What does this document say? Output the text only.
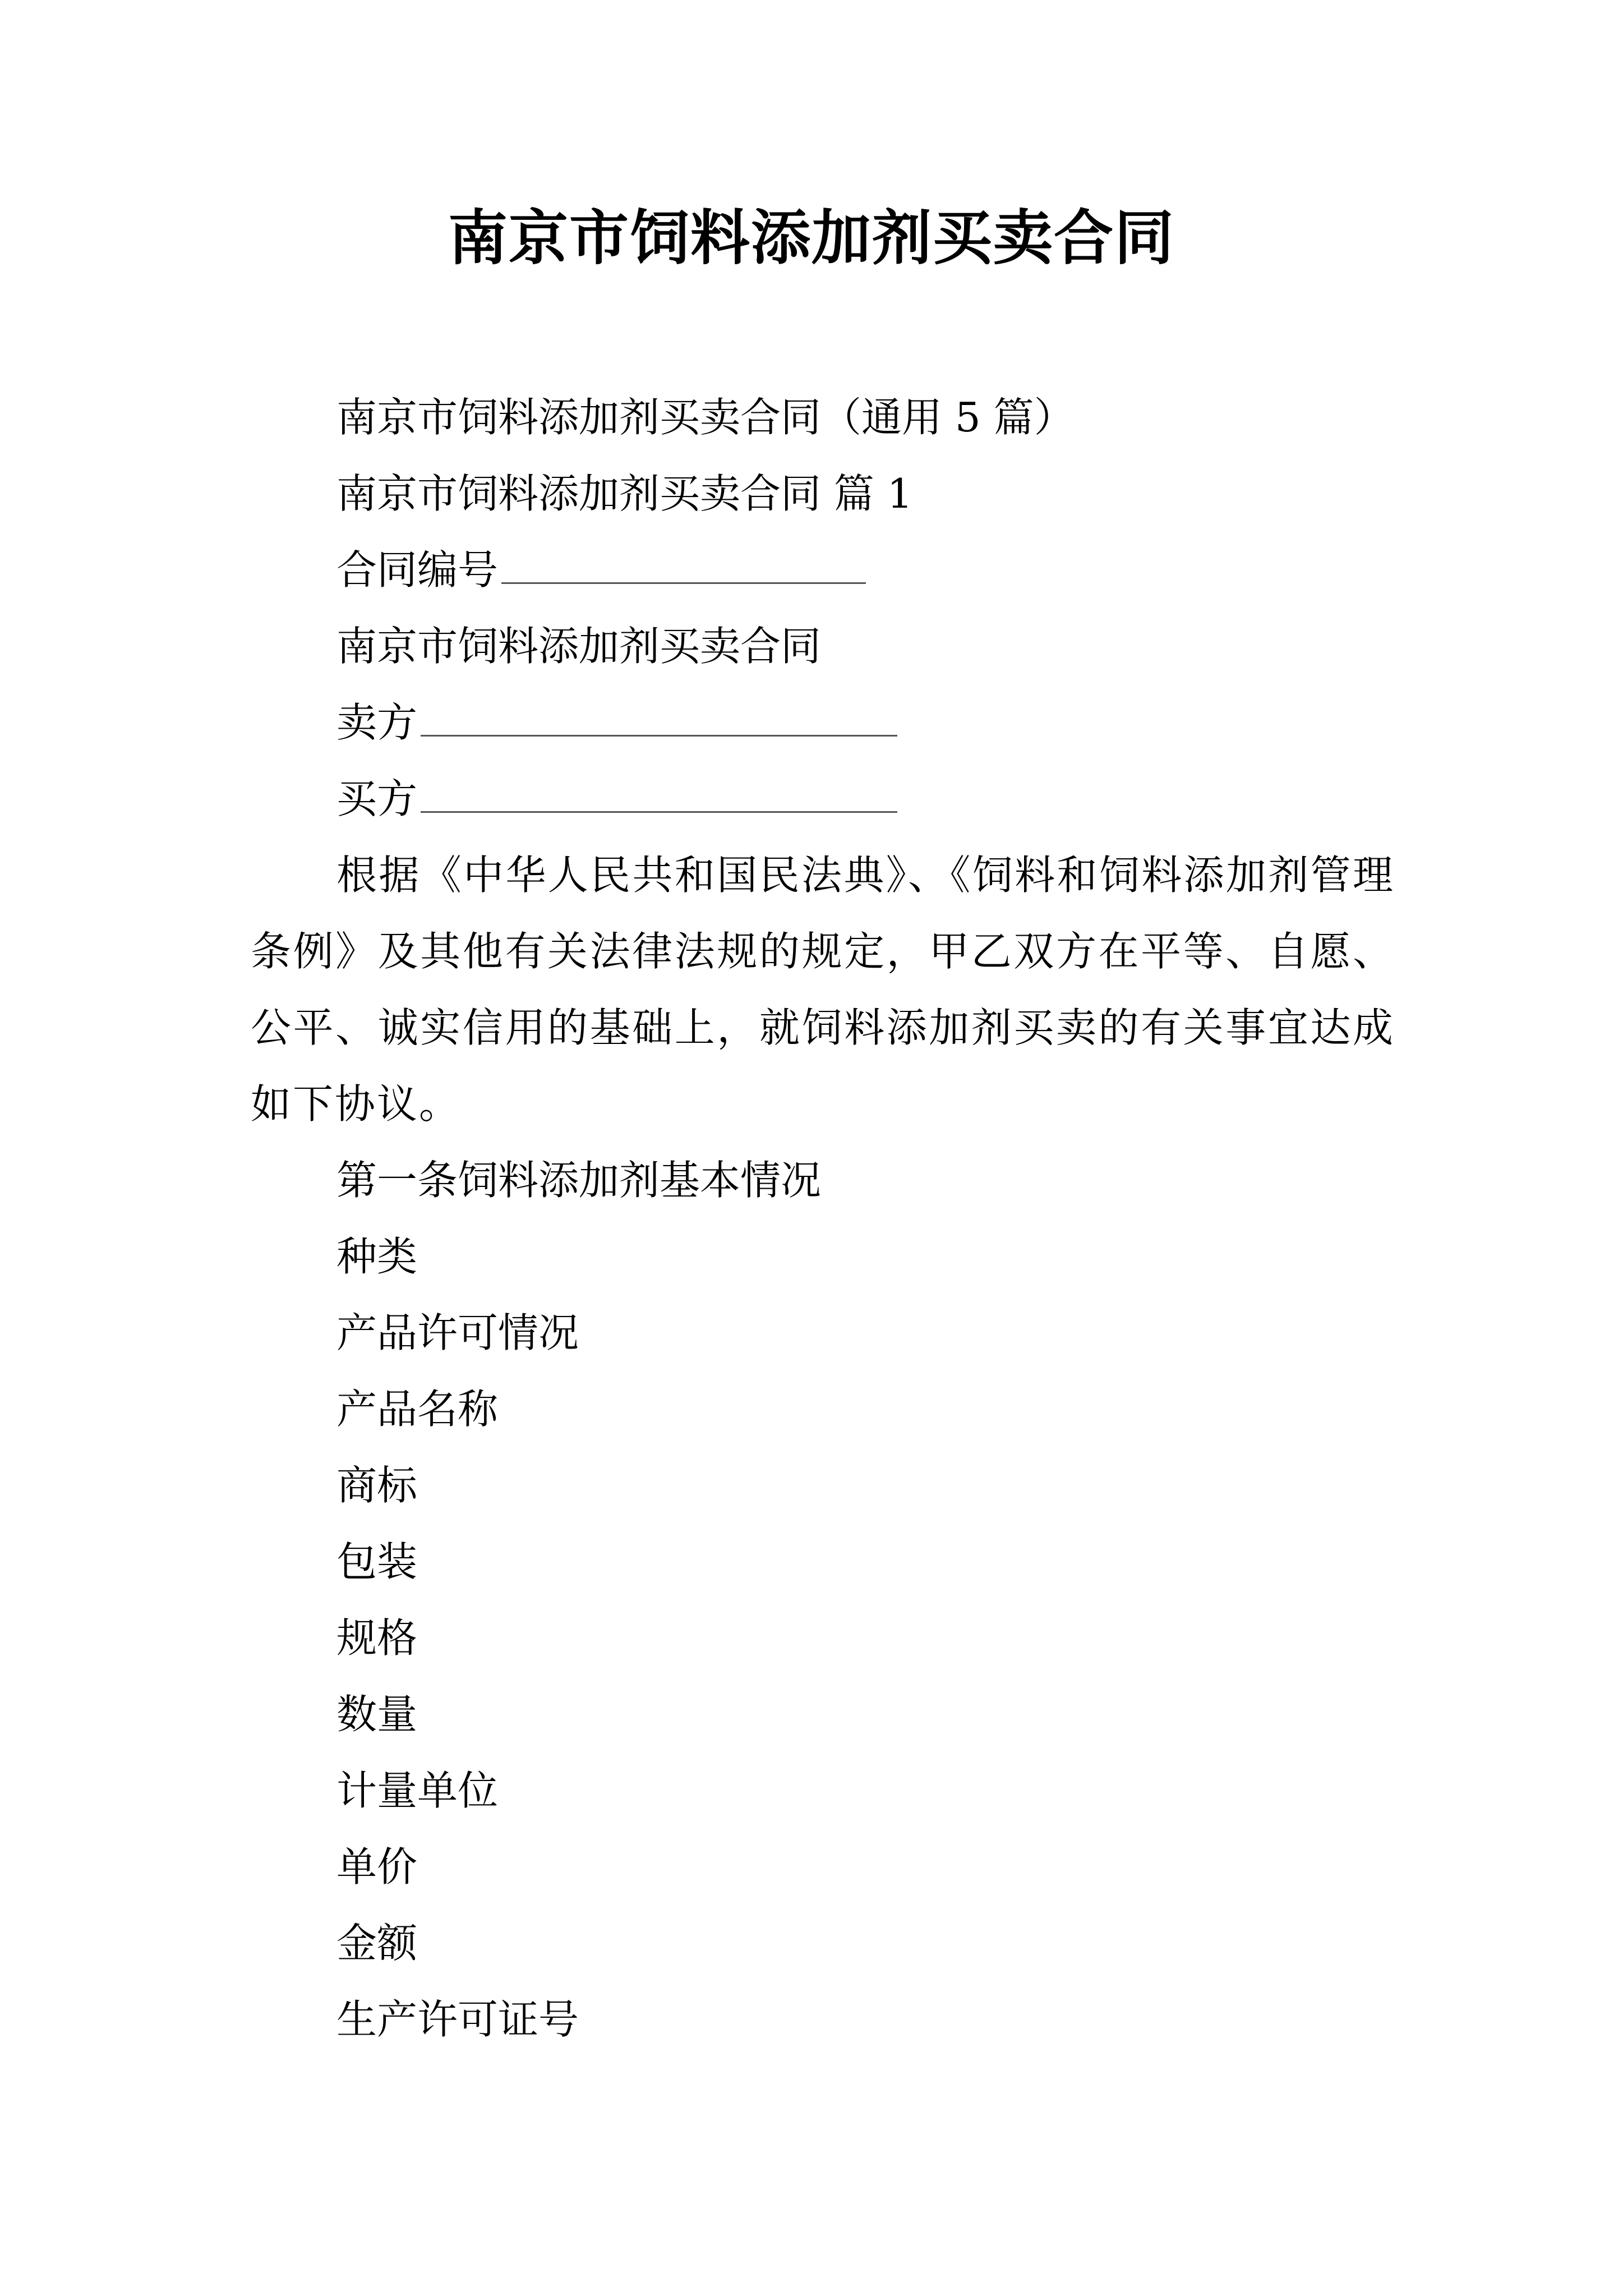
南京市饲料添加剂买卖合同

南京市饲料添加剂买卖合同（通用 5 篇）

南京市饲料添加剂买卖合同 篇 1

合同编号

南京市饲料添加剂买卖合同

卖方

买方

根据《中华人民共和国民法典》、《饲料和饲料添加剂管理条例》及其他有关法律法规的规定，甲乙双方在平等、自愿、公平、诚实信用的基础上，就饲料添加剂买卖的有关事宜达成如下协议。

第一条饲料添加剂基本情况

种类

产品许可情况

产品名称

商标

包装

规格

数量

计量单位

单价

金额

生产许可证号
